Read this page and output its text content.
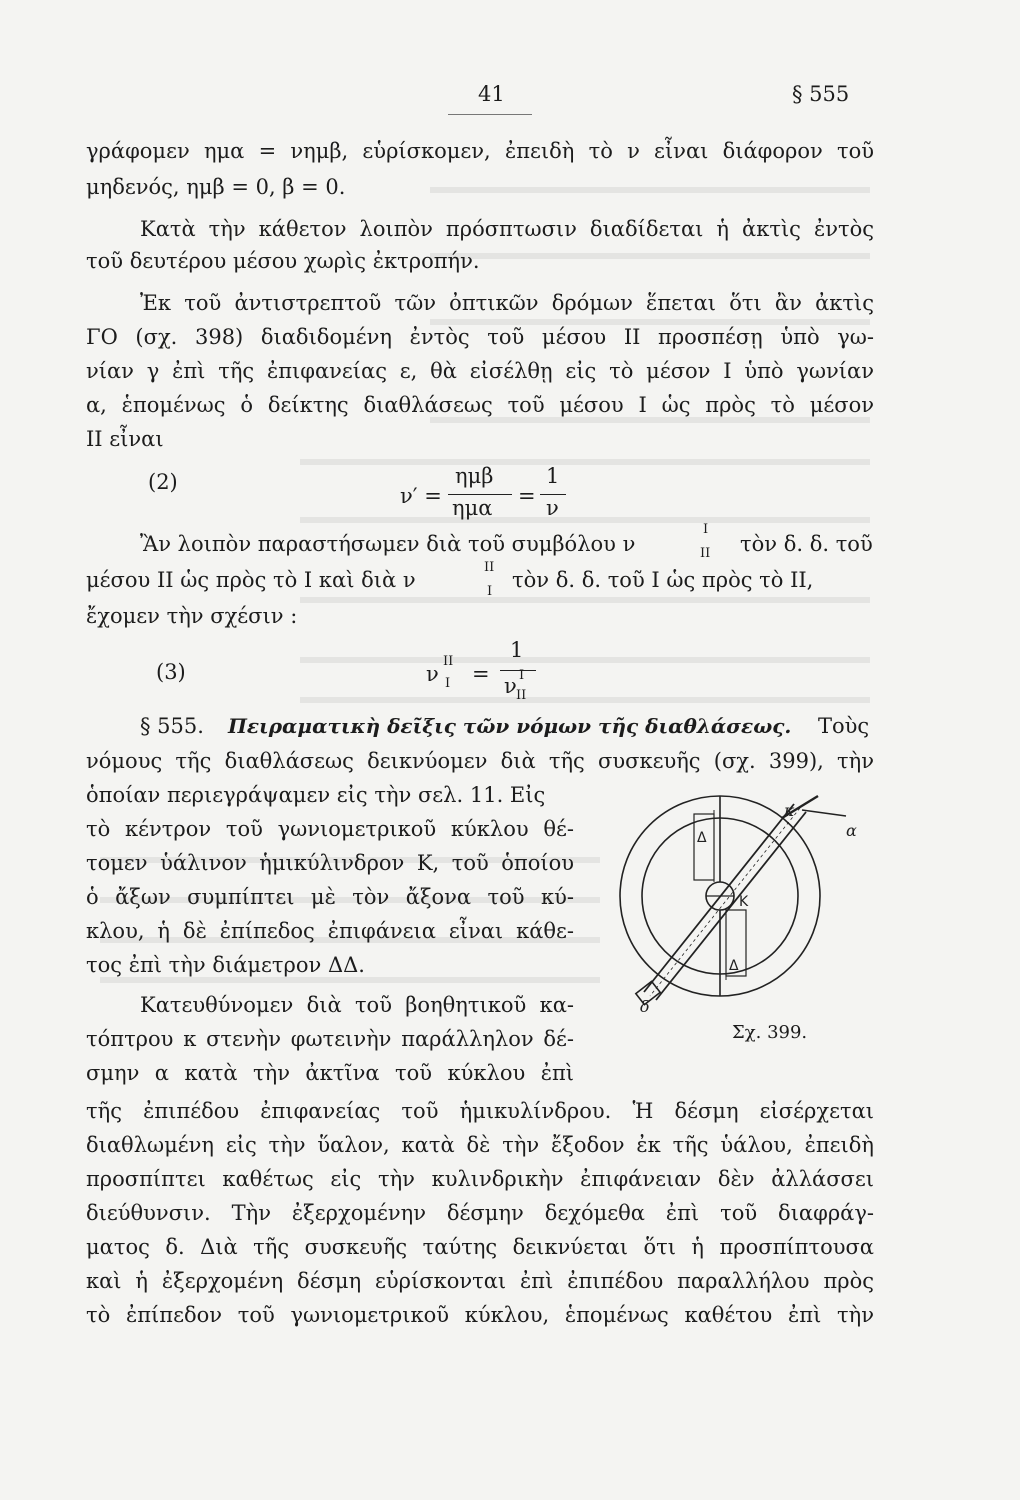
41	§ 555
γράφομεν ημα = νημβ, εὑρίσκομεν, ἐπειδὴ τὸ ν εἶναι διάφορον τοῦ
μηδενός, ημβ = 0, β = 0.
Κατὰ τὴν κάθετον λοιπὸν πρόσπτωσιν διαδίδεται ἡ ἀκτὶς ἐντὸς
τοῦ δευτέρου μέσου χωρὶς ἐκτροπήν.
Ἐκ τοῦ ἀντιστρεπτοῦ τῶν ὀπτικῶν δρόμων ἕπεται ὅτι ἂν ἀκτὶς
ΓΟ (σχ. 398) διαδιδομένη ἐντὸς τοῦ μέσου ΙΙ προσπέσῃ ὑπὸ γω-
νίαν γ ἐπὶ τῆς ἐπιφανείας ε, θὰ εἰσέλθῃ εἰς τὸ μέσον Ι ὑπὸ γωνίαν
α, ἑπομένως ὁ δείκτης διαθλάσεως τοῦ μέσου Ι ὡς πρὸς τὸ μέσον
ΙΙ εἶναι
(2)
ν′ =
ημβ
ημα =
1
ν
Ἂν λοιπὸν παραστήσωμεν διὰ τοῦ συμβόλου ν
Ι
ΙΙ τὸν δ. δ. τοῦ
μέσου ΙΙ ὡς πρὸς τὸ Ι καὶ διὰ ν
ΙΙ
Ι τὸν δ. δ. τοῦ Ι ὡς πρὸς τὸ ΙΙ,
ἔχομεν τὴν σχέσιν :
(3)	ν
ΙΙ
Ι =
1
ν Ι
ΙΙ
§ 555. Πειραματικὴ δεῖξις τῶν νόμων τῆς διαθλάσεως. Τοὺς
νόμους τῆς διαθλάσεως δεικνύομεν διὰ τῆς συσκευῆς (σχ. 399), τὴν
ὁποίαν περιεγράψαμεν εἰς τὴν σελ. 11. Εἰς
τὸ κέντρον τοῦ γωνιομετρικοῦ κύκλου θέ-
τομεν ὑάλινον ἡμικύλινδρον Κ, τοῦ ὁποίου
ὁ ἄξων συμπίπτει μὲ τὸν ἄξονα τοῦ κύ-
κλου, ἡ δὲ ἐπίπεδος ἐπιφάνεια εἶναι κάθε-
τος ἐπὶ τὴν διάμετρον ΔΔ.
Κατευθύνομεν διὰ τοῦ βοηθητικοῦ κα-
τόπτρου κ στενὴν φωτεινὴν παράλληλον δέ-
σμην α κατὰ τὴν ἀκτῖνα τοῦ κύκλου ἐπὶ
τῆς ἐπιπέδου ἐπιφανείας τοῦ ἡμικυλίνδρου. Ἡ δέσμη εἰσέρχεται
διαθλωμένη εἰς τὴν ὕαλον, κατὰ δὲ τὴν ἔξοδον ἐκ τῆς ὑάλου, ἐπειδὴ
προσπίπτει καθέτως εἰς τὴν κυλινδρικὴν ἐπιφάνειαν δὲν ἀλλάσσει
διεύθυνσιν. Τὴν ἐξερχομένην δέσμην δεχόμεθα ἐπὶ τοῦ διαφράγ-
ματος δ. Διὰ τῆς συσκευῆς ταύτης δεικνύεται ὅτι ἡ προσπίπτουσα
καὶ ἡ ἐξερχομένη δέσμη εὑρίσκονται ἐπὶ ἐπιπέδου παραλλήλου πρὸς
τὸ ἐπίπεδον τοῦ γωνιομετρικοῦ κύκλου, ἑπομένως καθέτου ἐπὶ τὴν
κ
α
Δ
Κ
Δ
δ
Σχ. 399.
